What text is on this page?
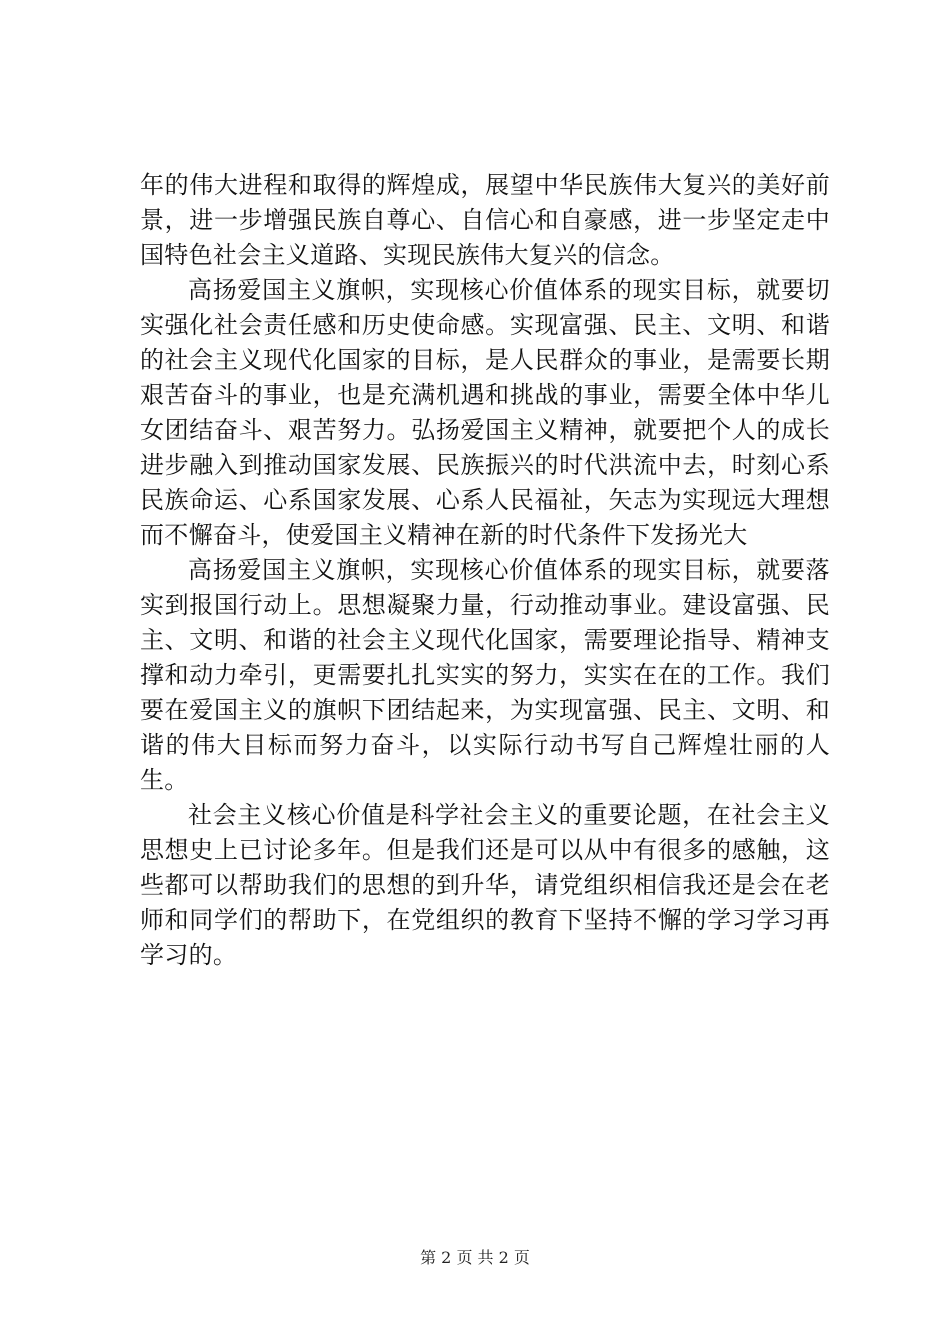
年的伟大进程和取得的辉煌成，展望中华民族伟大复兴的美好前景，进一步增强民族自尊心、自信心和自豪感，进一步坚定走中国特色社会主义道路、实现民族伟大复兴的信念。

高扬爱国主义旗帜，实现核心价值体系的现实目标，就要切实强化社会责任感和历史使命感。实现富强、民主、文明、和谐的社会主义现代化国家的目标，是人民群众的事业，是需要长期艰苦奋斗的事业，也是充满机遇和挑战的事业，需要全体中华儿女团结奋斗、艰苦努力。弘扬爱国主义精神，就要把个人的成长进步融入到推动国家发展、民族振兴的时代洪流中去，时刻心系民族命运、心系国家发展、心系人民福祉，矢志为实现远大理想而不懈奋斗，使爱国主义精神在新的时代条件下发扬光大

高扬爱国主义旗帜，实现核心价值体系的现实目标，就要落实到报国行动上。思想凝聚力量，行动推动事业。建设富强、民主、文明、和谐的社会主义现代化国家，需要理论指导、精神支撑和动力牵引，更需要扎扎实实的努力，实实在在的工作。我们要在爱国主义的旗帜下团结起来，为实现富强、民主、文明、和谐的伟大目标而努力奋斗，以实际行动书写自己辉煌壮丽的人生。

社会主义核心价值是科学社会主义的重要论题，在社会主义思想史上已讨论多年。但是我们还是可以从中有很多的感触，这些都可以帮助我们的思想的到升华，请党组织相信我还是会在老师和同学们的帮助下，在党组织的教育下坚持不懈的学习学习再学习的。

第 2 页 共 2 页
